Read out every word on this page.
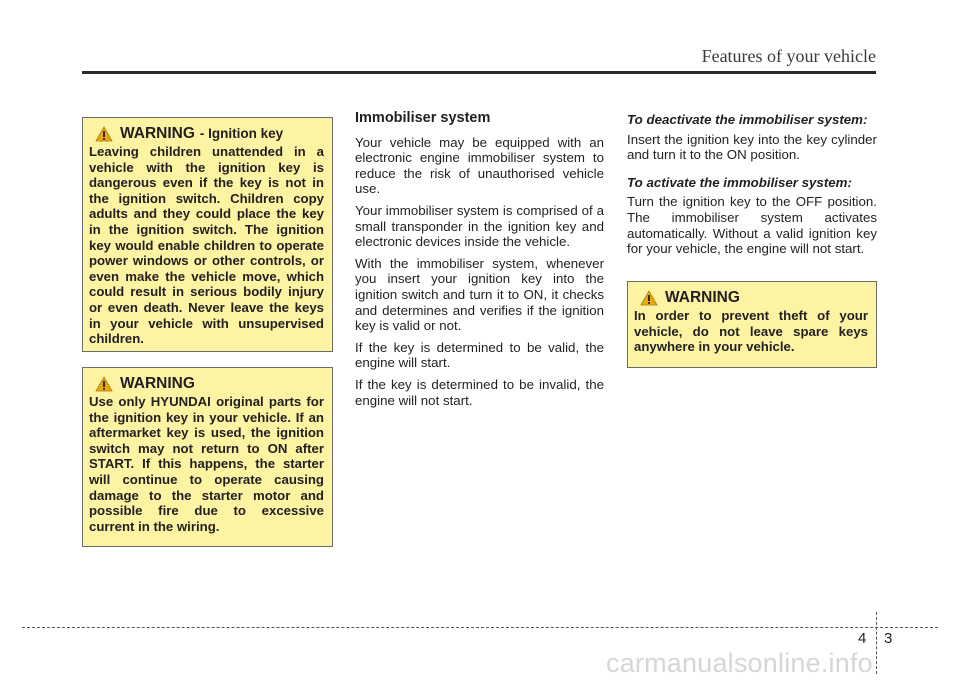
Features of your vehicle
WARNING - Ignition key
Leaving children unattended in a vehicle with the ignition key is dangerous even if the key is not in the ignition switch. Children copy adults and they could place the key in the ignition switch. The ignition key would enable children to operate power windows or other controls, or even make the vehicle move, which could result in serious bodily injury or even death. Never leave the keys in your vehicle with unsupervised children.
WARNING
Use only HYUNDAI original parts for the ignition key in your vehicle. If an aftermarket key is used, the ignition switch may not return to ON after START. If this happens, the starter will continue to operate causing damage to the starter motor and possible fire due to excessive current in the wiring.
Immobiliser system

Your vehicle may be equipped with an electronic engine immobiliser system to reduce the risk of unauthorised vehicle use.

Your immobiliser system is comprised of a small transponder in the ignition key and electronic devices inside the vehicle.

With the immobiliser system, whenever you insert your ignition key into the ignition switch and turn it to ON, it checks and determines and verifies if the ignition key is valid or not.

If the key is determined to be valid, the engine will start.

If the key is determined to be invalid, the engine will not start.

To deactivate the immobiliser system:

Insert the ignition key into the key cylinder and turn it to the ON position.

To activate the immobiliser system:

Turn the ignition key to the OFF position. The immobiliser system activates automatically. Without a valid ignition key for your vehicle, the engine will not start.

WARNING
In order to prevent theft of your vehicle, do not leave spare keys anywhere in your vehicle.
4 3
carmanualsonline.info
